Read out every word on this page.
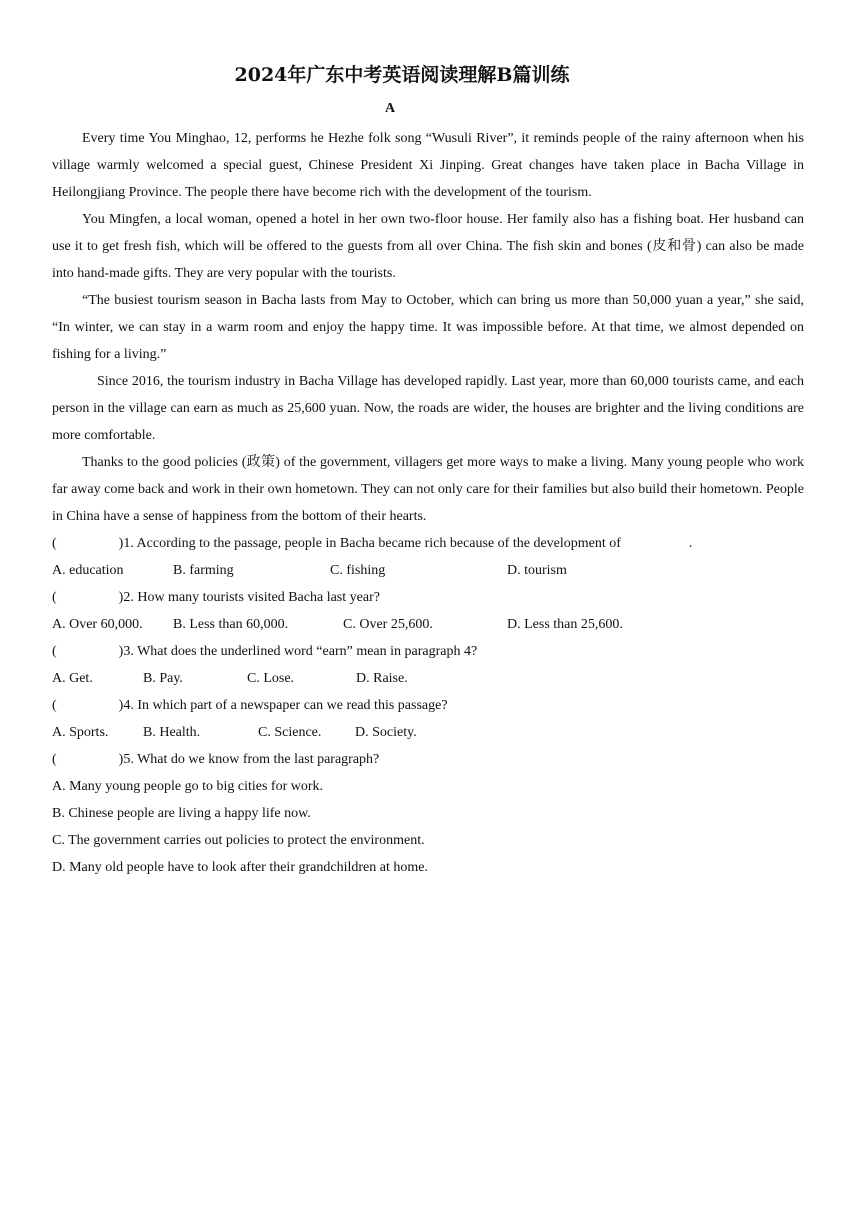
2024年广东中考英语阅读理解B篇训练
A

Every time You Minghao, 12, performs he Hezhe folk song “Wusuli River”, it reminds people of the rainy afternoon when his village warmly welcomed a special guest, Chinese President Xi Jinping. Great changes have taken place in Bacha Village in Heilongjiang Province. The people there have become rich with the development of the tourism.

You Mingfen, a local woman, opened a hotel in her own two-floor house. Her family also has a fishing boat. Her husband can use it to get fresh fish, which will be offered to the guests from all over China. The fish skin and bones (皮和骨) can also be made into hand-made gifts. They are very popular with the tourists.

“The busiest tourism season in Bacha lasts from May to October, which can bring us more than 50,000 yuan a year,” she said, “In winter, we can stay in a warm room and enjoy the happy time. It was impossible before. At that time, we almost depended on fishing for a living.”

Since 2016, the tourism industry in Bacha Village has developed rapidly. Last year, more than 60,000 tourists came, and each person in the village can earn as much as 25,600 yuan. Now, the roads are wider, the houses are brighter and the living conditions are more comfortable.

Thanks to the good policies (政策) of the government, villagers get more ways to make a living. Many young people who work far away come back and work in their own hometown. They can not only care for their families but also build their hometown. People in China have a sense of happiness from the bottom of their hearts.

(	)1. According to the passage, people in Bacha became rich because of the development of	.
A. education	B. farming	C. fishing	D. tourism
(	)2. How many tourists visited Bacha last year?
A. Over 60,000. B. Less than 60,000.	C. Over 25,600.	D. Less than 25,600.
(	)3. What does the underlined word “earn” mean in paragraph 4?
A. Get.	B. Pay.	C. Lose.	D. Raise.
(	)4. In which part of a newspaper can we read this passage?
A. Sports. B. Health.	C. Science. D. Society.
(	)5. What do we know from the last paragraph?
A. Many young people go to big cities for work.
B. Chinese people are living a happy life now.
C. The government carries out policies to protect the environment.
D. Many old people have to look after their grandchildren at home.
